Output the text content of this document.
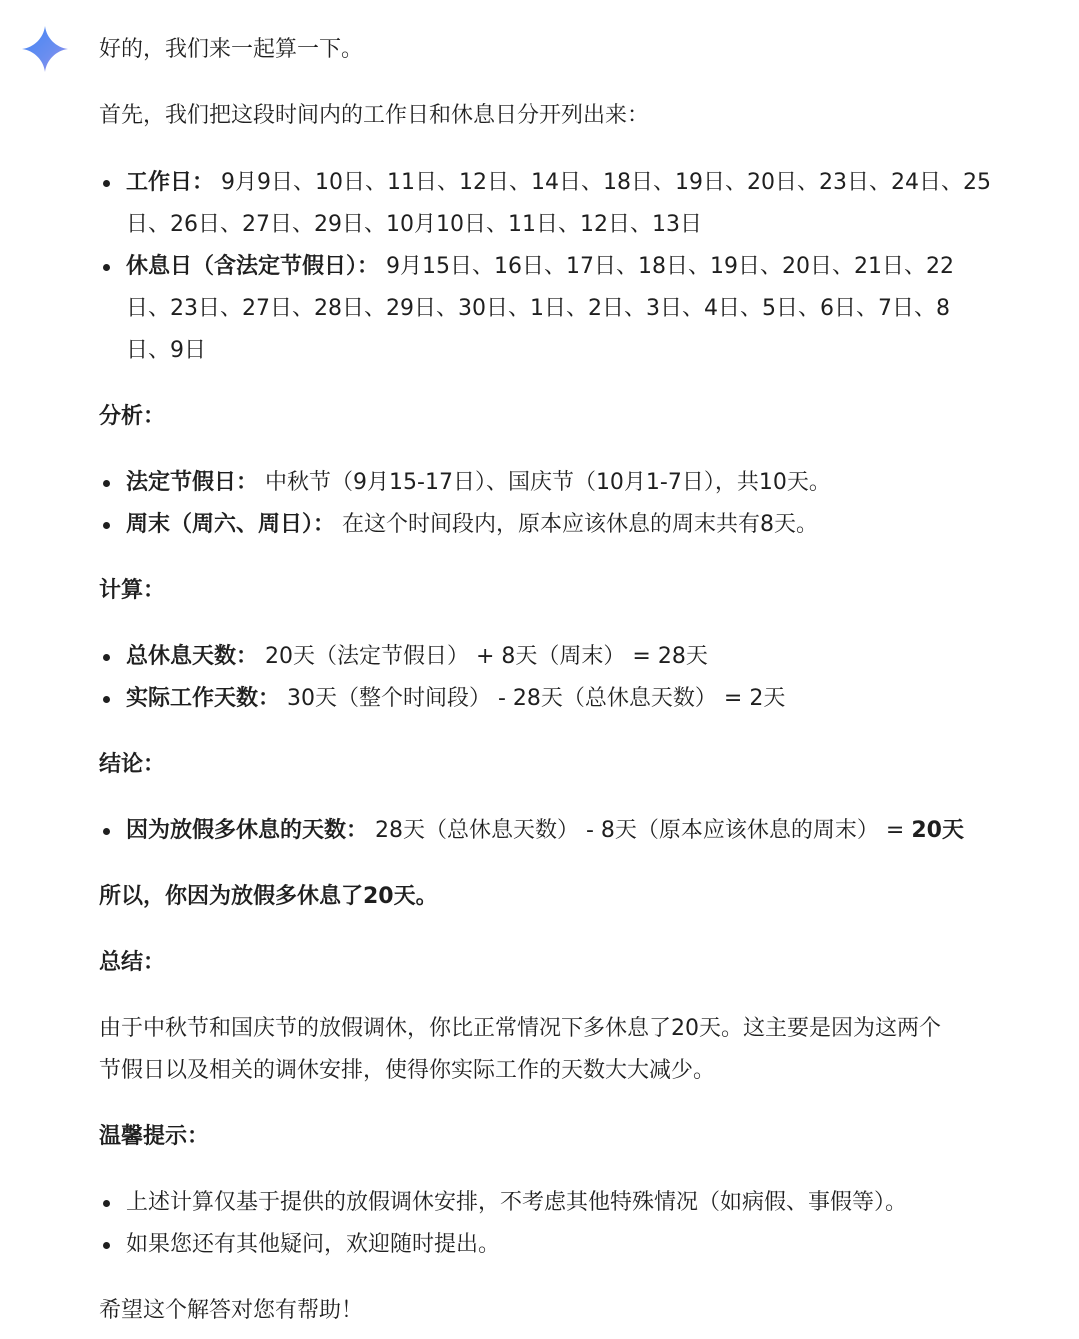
好的，我们来一起算一下。
首先，我们把这段时间内的工作日和休息日分开列出来：
工作日： 9月9日、10日、11日、12日、14日、18日、19日、20日、23日、24日、25
日、26日、27日、29日、10月10日、11日、12日、13日
休息日（含法定节假日）： 9月15日、16日、17日、18日、19日、20日、21日、22
日、23日、27日、28日、29日、30日、1日、2日、3日、4日、5日、6日、7日、8
日、9日
分析：
法定节假日： 中秋节（9月15-17日）、国庆节（10月1-7日），共10天。
周末（周六、周日）： 在这个时间段内，原本应该休息的周末共有8天。
计算：
总休息天数： 20天（法定节假日） + 8天（周末） = 28天
实际工作天数： 30天（整个时间段） - 28天（总休息天数） = 2天
结论：
因为放假多休息的天数： 28天（总休息天数） - 8天（原本应该休息的周末） = 20天
所以，你因为放假多休息了20天。
总结：
由于中秋节和国庆节的放假调休，你比正常情况下多休息了20天。这主要是因为这两个
节假日以及相关的调休安排，使得你实际工作的天数大大减少。
温馨提示：
上述计算仅基于提供的放假调休安排，不考虑其他特殊情况（如病假、事假等）。
如果您还有其他疑问，欢迎随时提出。
希望这个解答对您有帮助！
